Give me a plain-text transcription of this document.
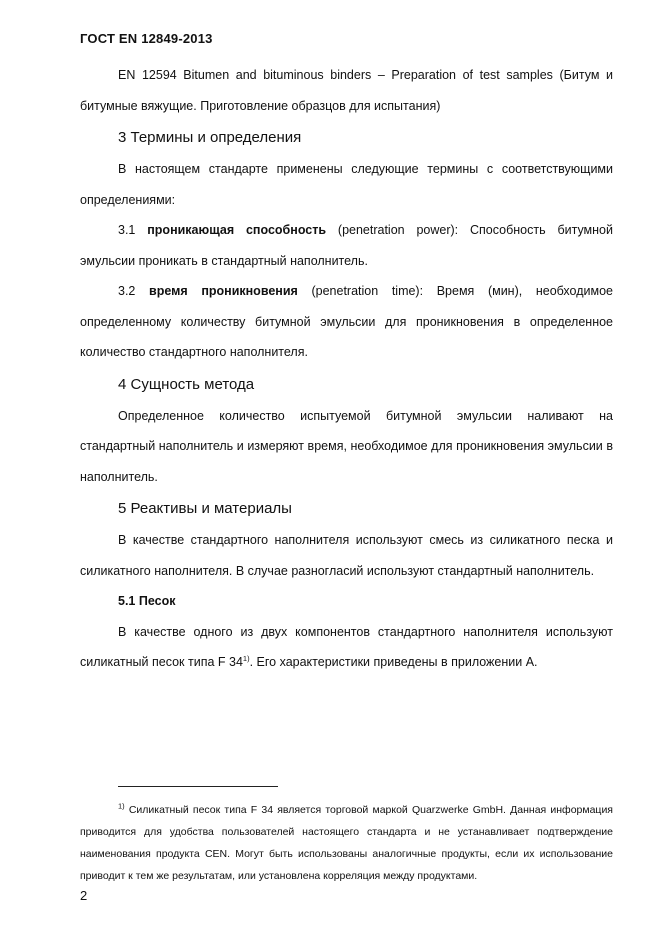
ГОСТ EN 12849-2013

EN 12594 Bitumen and bituminous binders – Preparation of test samples (Битум и битумные вяжущие. Приготовление образцов для испытания)

3 Термины и определения

В настоящем стандарте применены следующие термины с соответствующими определениями:

3.1 проникающая способность (penetration power): Способность битумной эмульсии проникать в стандартный наполнитель.

3.2 время проникновения (penetration time): Время (мин), необходимое определенному количеству битумной эмульсии для проникновения в определенное количество стандартного наполнителя.

4 Сущность метода

Определенное количество испытуемой битумной эмульсии наливают на стандартный наполнитель и измеряют время, необходимое для проникновения эмульсии в наполнитель.

5 Реактивы и материалы

В качестве стандартного наполнителя используют смесь из силикатного песка и силикатного наполнителя. В случае разногласий используют стандартный наполнитель.

5.1 Песок

В качестве одного из двух компонентов стандартного наполнителя используют силикатный песок типа F 34$^{1)}$. Его характеристики приведены в приложении А.

$^{1)}$ Силикатный песок типа F 34 является торговой маркой Quarzwerke GmbH. Данная информация приводится для удобства пользователей настоящего стандарта и не устанавливает подтверждение наименования продукта CEN. Могут быть использованы аналогичные продукты, если их использование приводит к тем же результатам, или установлена корреляция между продуктами.

2
